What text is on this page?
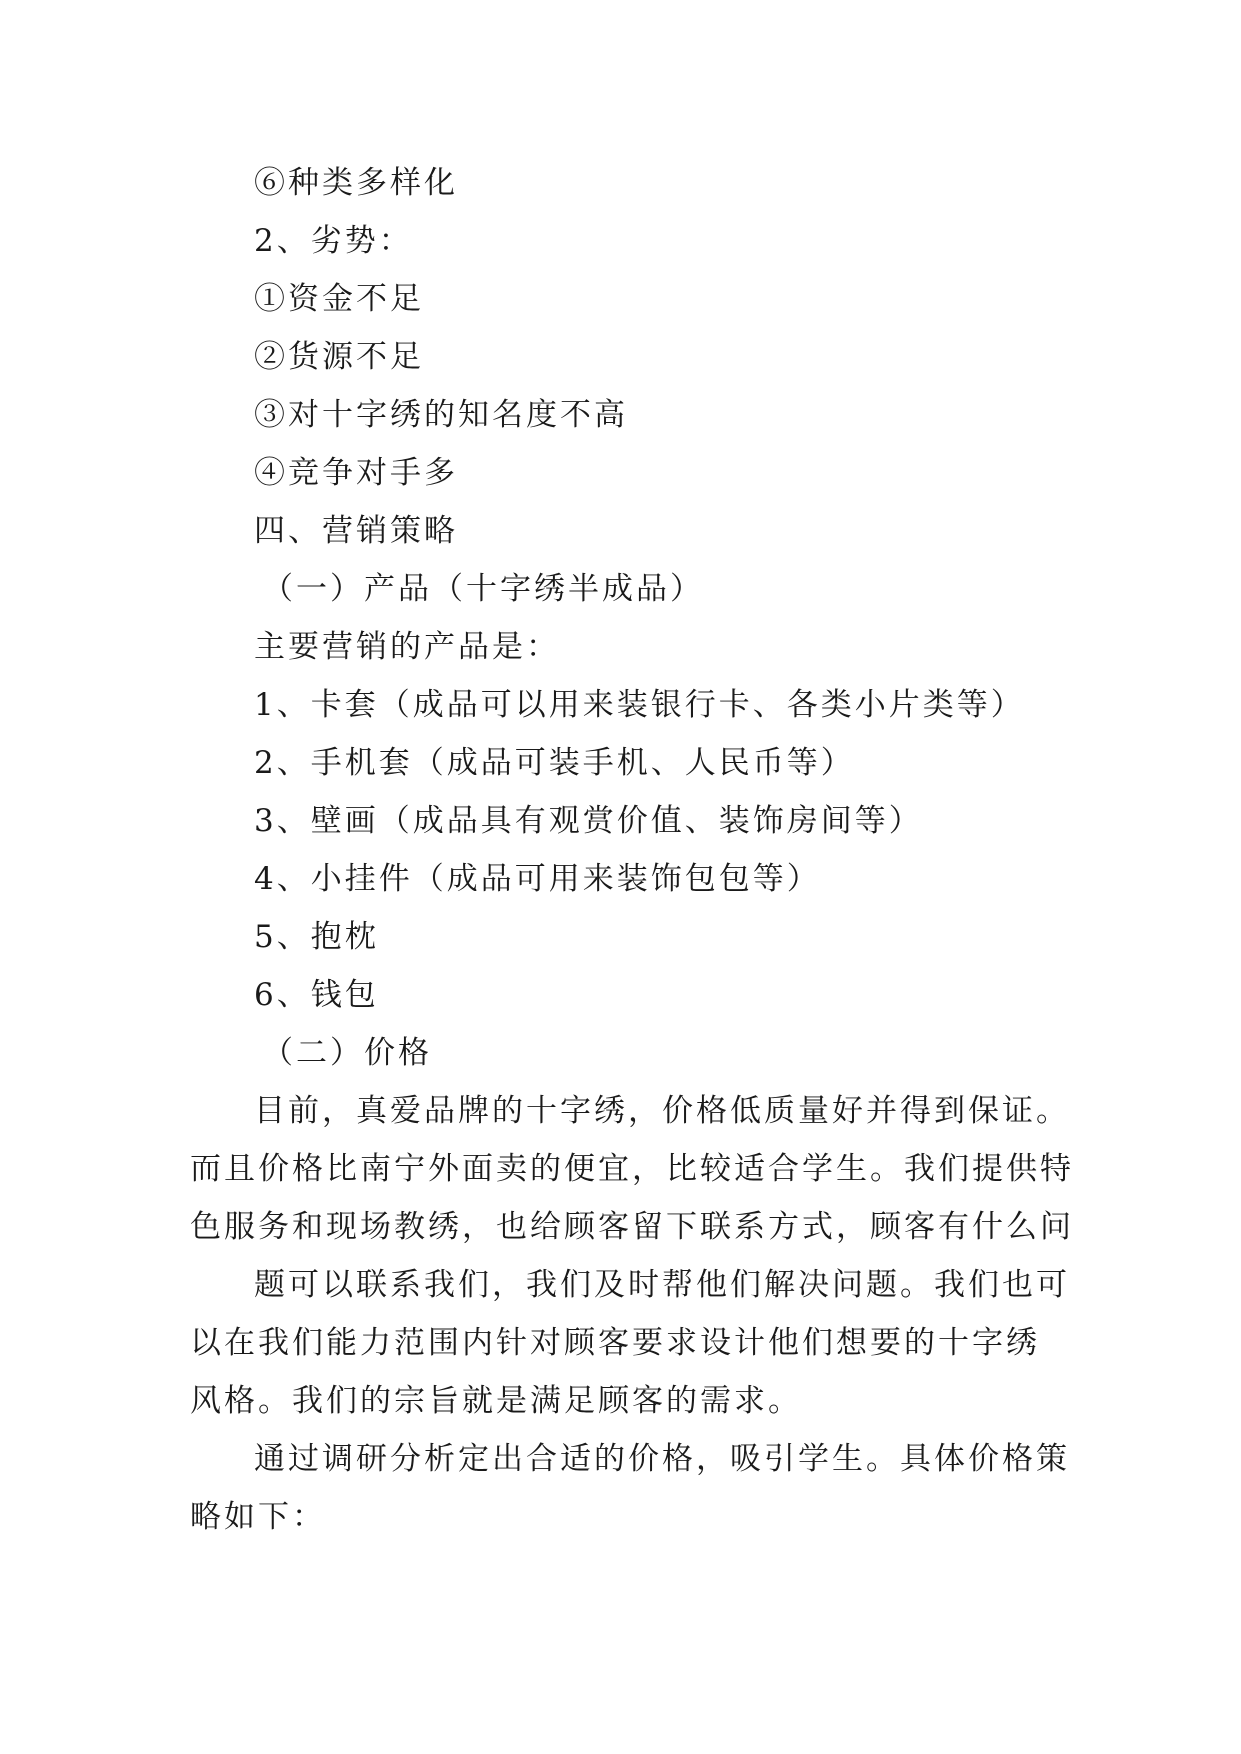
⑥种类多样化
2、劣势：
①资金不足
②货源不足
③对十字绣的知名度不高
④竞争对手多
四、营销策略
（一）产品（十字绣半成品）
主要营销的产品是：
1、卡套（成品可以用来装银行卡、各类小片类等）
2、手机套（成品可装手机、人民币等）
3、壁画（成品具有观赏价值、装饰房间等）
4、小挂件（成品可用来装饰包包等）
5、抱枕
6、钱包
（二）价格
目前，真爱品牌的十字绣，价格低质量好并得到保证。
而且价格比南宁外面卖的便宜，比较适合学生。我们提供特
色服务和现场教绣，也给顾客留下联系方式，顾客有什么问
题可以联系我们，我们及时帮他们解决问题。我们也可
以在我们能力范围内针对顾客要求设计他们想要的十字绣
风格。我们的宗旨就是满足顾客的需求。
通过调研分析定出合适的价格，吸引学生。具体价格策
略如下：
